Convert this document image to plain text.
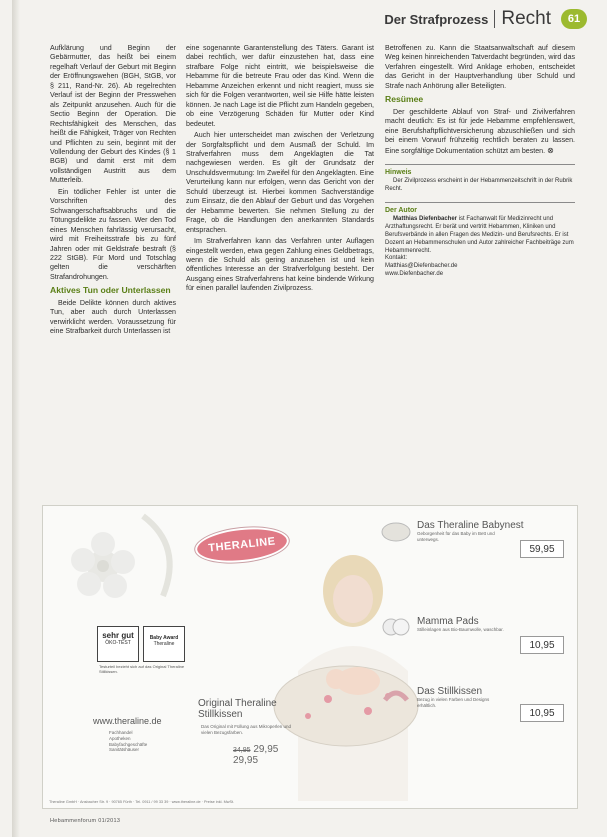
Der Strafprozess Recht	61

Aufklärung und Beginn der Gebärmutter, das heißt bei einem regelhaft Verlauf der Geburt mit Beginn der Eröffnungswehen (BGH, StGB, vor § 211, Rand-Nr. 26). Ab regelrechten Verlauf ist der Beginn der Presswehen als Zeitpunkt anzusehen. Auch für die Sectio Beginn der Operation. Die Rechtsfähigkeit des Menschen, das heißt die Fähigkeit, Träger von Rechten und Pflichten zu sein, beginnt mit der Vollendung der Geburt des Kindes (§ 1 BGB) und damit erst mit dem vollständigen Austritt aus dem Mutterleib.

Ein tödlicher Fehler ist unter die Vorschriften des Schwangerschaftsabbruchs und die Tötungsdelikte zu fassen. Wer den Tod eines Menschen fahrlässig verursacht, wird mit Freiheitsstrafe bis zu fünf Jahren oder mit Geldstrafe bestraft (§ 222 StGB). Für Mord und Totschlag gelten die verschärften Strafandrohungen.

Aktives Tun oder Unterlassen

Beide Delikte können durch aktives Tun, aber auch durch Unterlassen verwirklicht werden. Voraussetzung für eine Strafbarkeit durch Unterlassen ist

eine sogenannte Garantenstellung des Täters. Garant ist dabei rechtlich, wer dafür einzustehen hat, dass eine strafbare Folge nicht eintritt, wie beispielsweise die Hebamme für die betreute Frau oder das Kind. Wenn die Hebamme Anzeichen erkennt und nicht reagiert, muss sie sich für die Folgen verantworten, weil sie Hilfe hätte leisten können. Je nach Lage ist die Pflicht zum Handeln gegeben, ob eine Verzögerung Schäden für Mutter oder Kind bedeutet.

Auch hier unterscheidet man zwischen der Verletzung der Sorgfaltspflicht und dem Ausmaß der Schuld. Im Strafverfahren muss dem Angeklagten die Tat nachgewiesen werden. Es gilt der Grundsatz der Unschuldsvermutung: Im Zweifel für den Angeklagten. Eine Verurteilung kann nur erfolgen, wenn das Gericht von der Schuld überzeugt ist. Hierbei kommen Sachverständige zum Einsatz, die den Ablauf der Geburt und das Vorgehen der Hebamme bewerten. Sie nehmen Stellung zu der Frage, ob die Handlungen den anerkannten Standards entsprachen.

Im Strafverfahren kann das Verfahren unter Auflagen eingestellt werden, etwa gegen Zahlung eines Geldbetrags, wenn die Schuld als gering anzusehen ist und kein öffentliches Interesse an der Strafverfolgung besteht. Der Ausgang eines Strafverfahrens hat keine bindende Wirkung für einen parallel laufenden Zivilprozess.

Betroffenen zu. Kann die Staatsanwaltschaft auf diesem Weg keinen hinreichenden Tatverdacht begründen, wird das Verfahren eingestellt. Wird Anklage erhoben, entscheidet das Gericht in der Hauptverhandlung über Schuld und Strafe nach Anhörung aller Beteiligten.

Resümee

Der geschilderte Ablauf von Straf- und Zivilverfahren macht deutlich: Es ist für jede Hebamme empfehlenswert, eine Berufshaftpflichtversicherung abzuschließen und sich bei einem Vorwurf frühzeitig rechtlich beraten zu lassen. Eine sorgfältige Dokumentation schützt am besten. ⊗

Hinweis

Der Zivilprozess erscheint in der Hebammenzeitschrift in der Rubrik Recht.

Der Autor

Matthias Diefenbacher ist Fachanwalt für Medizinrecht und Arzthaftungsrecht. Er berät und vertritt Hebammen, Kliniken und Berufsverbände in allen Fragen des Medizin- und Berufsrechts. Er ist Dozent an Hebammenschulen und Autor zahlreicher Fachbeiträge zum Hebammenrecht.
Kontakt:
Matthias@Diefenbacher.de
www.Diefenbacher.de

THERALINE
sehr gut
ÖKO-TEST
Baby Award
Theraline
Testurteil bezieht sich auf das Original Theraline Stillkissen.
Original Theraline
Stillkissen
Das Original mit Füllung aus Mikroperlen und vielen Bezugsfarben.
34,95 29,95
29,95
www.theraline.de
Fachhandel
Apotheken
Babyfachgeschäfte
Sanitätshäuser
Das Theraline Babynest
Geborgenheit für das Baby im Bett und unterwegs.
59,95
Mamma Pads
Stilleinlagen aus Bio-Baumwolle, waschbar.
10,95
Das Stillkissen
Bezug in vielen Farben und Designs erhältlich.
10,95
Theraline GmbH · Ansbacher Str. 9 · 90765 Fürth · Tel. 0911 / 99 33 39 · www.theraline.de · Preise inkl. MwSt.
Hebammenforum 01/2013
